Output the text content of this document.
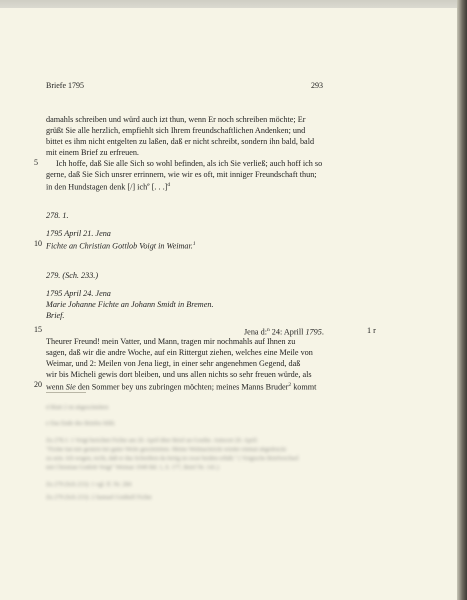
Briefe 1795	293
damahls schreiben und würd auch izt thun, wenn Er noch schreiben möchte; Er
grüßt Sie alle herzlich, empfiehlt sich Ihrem freundschaftlichen Andenken; und
bittet es ihm nicht entgelten zu laßen, daß er nicht schreibt, sondern ihn bald, bald
mit einem Brief zu erfreuen.
5 Ich hoffe, daß Sie alle Sich so wohl befinden, als ich Sie verließ; auch hoff ich so
gerne, daß Sie Sich unsrer errinnern, wie wir es oft, mit inniger Freundschaft thun;
in den Hundstagen denk [/] ich$^e$ [. . .]$^d$
278. 1.
1795 April 21. Jena
10 Fichte an Christian Gottlob Voigt in Weimar.$^1$
279. (Sch. 233.)
1795 April 24. Jena
Marie Johanne Fichte an Johann Smidt in Bremen.
Brief.
15	Jena d:$^n$ 24: Aprill 1795.	1 r
Theurer Freund! mein Vatter, und Mann, tragen mir nochmahls auf Ihnen zu
sagen, daß wir die andre Woche, auf ein Rittergut ziehen, welches eine Meile von
Weimar, und 2: Meilen von Jena liegt, in einer sehr angenehmen Gegend, daß
wir bis Micheli gewis dort bleiben, und uns allen nichts so sehr freuen würde, als
20 wenn Sie den Sommer bey uns zubringen möchten; meines Manns Bruder$^2$ kommt
d Blatt 2 ist abgeschnitten
e Das Ende des Briefes fehlt.
Zu 278.1: 1 Voigt berichtet Fichte am 20. April über Brief an Goethe. Antwort 20. April:
"Fichte hat mir gestern bei guter Weile geschrieben. Meine Weltnachricht wieder einmal abgedruckt
zu sein. Ich wegen, recht, daß er das Schreiben da fertig ist zwar beiden erhält." ( Voigtsche Briefwechsel
mit Christian Gottlob Voigt" Weimar 1949 Bd. 1, S. 177, Brief Nr. 141.)
Zu 279 (Sch 233): 1 vgl. ff. Nr. 284
Zu 279 (Sch 233): 2 Samuel Gotthelf Fichte
